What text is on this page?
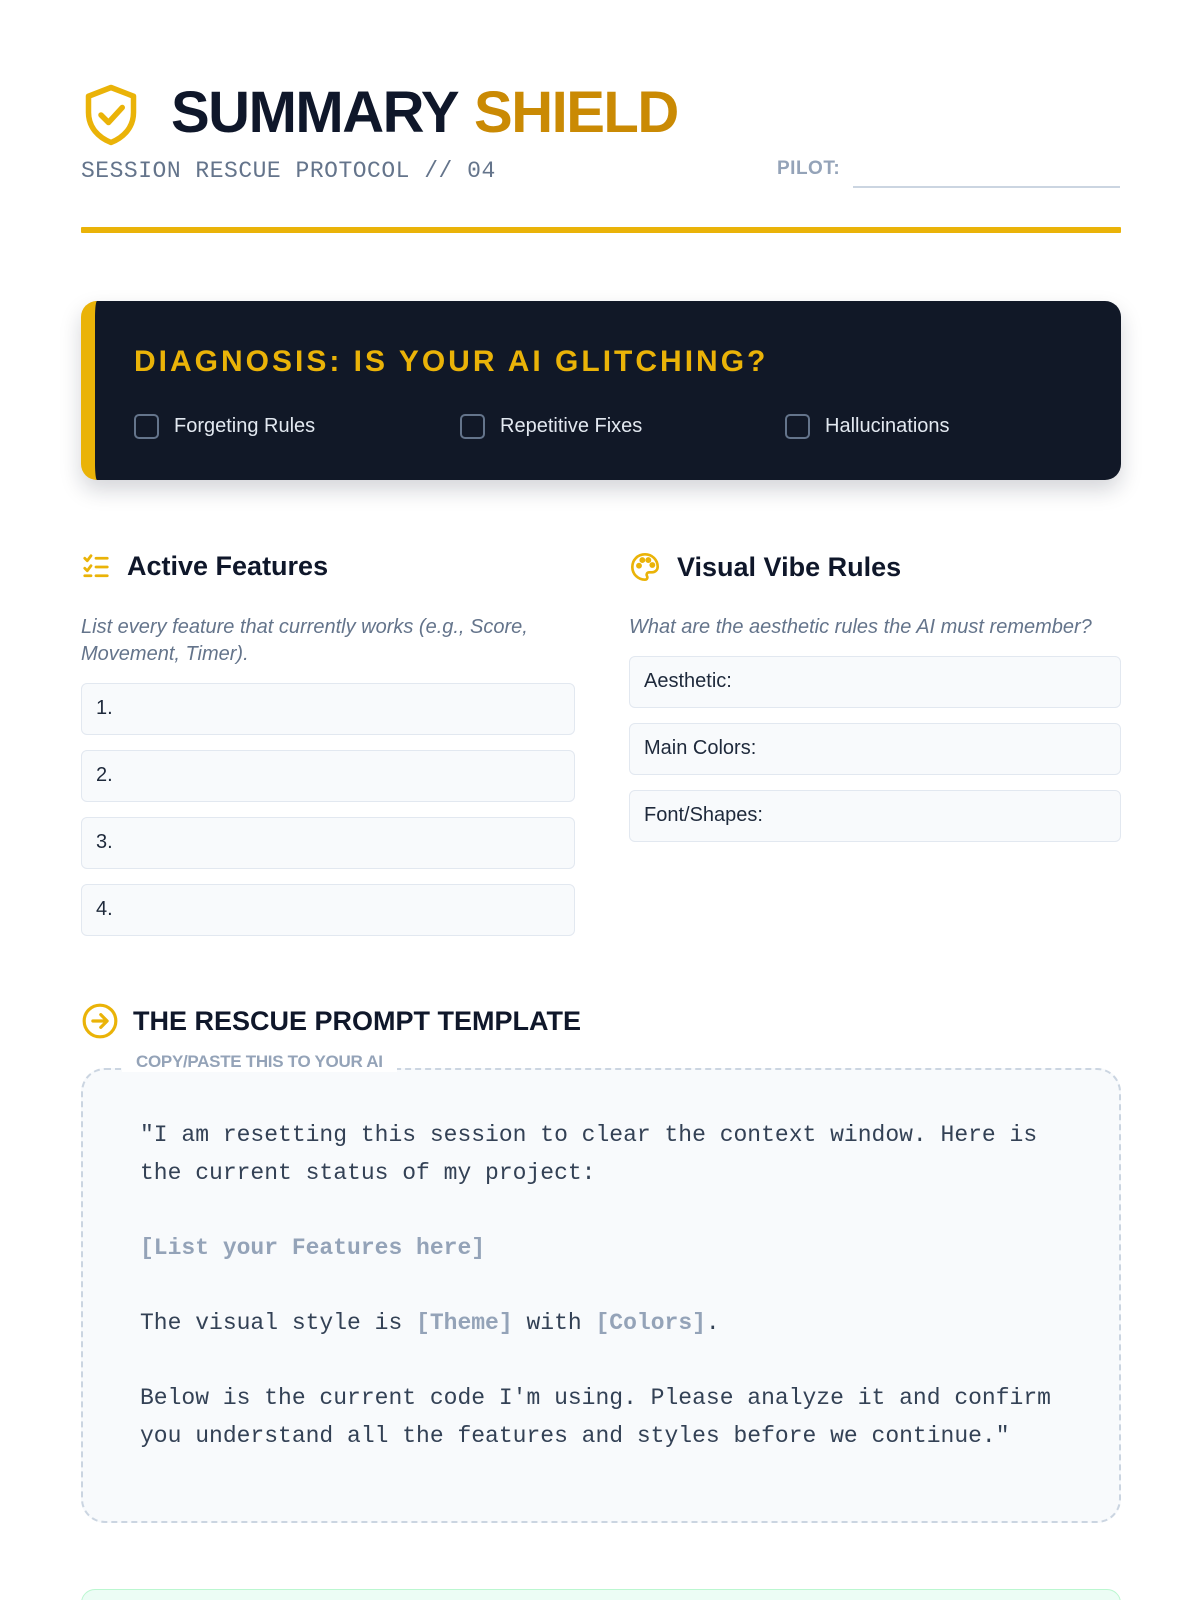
SUMMARY SHIELD
SESSION RESCUE PROTOCOL // 04	PILOT:
DIAGNOSIS: IS YOUR AI GLITCHING?
Forgeting Rules	Repetitive Fixes	Hallucinations
Active Features
List every feature that currently works (e.g., Score, Movement, Timer).
1.
2.
3.
4.
Visual Vibe Rules
What are the aesthetic rules the AI must remember?
Aesthetic:
Main Colors:
Font/Shapes:
THE RESCUE PROMPT TEMPLATE

"I am resetting this session to clear the context window. Here is the current status of my project:

[List your Features here]

The visual style is [Theme] with [Colors].

Below is the current code I'm using. Please analyze it and confirm you understand all the features and styles before we continue."

COPY/PASTE THIS TO YOUR AI
